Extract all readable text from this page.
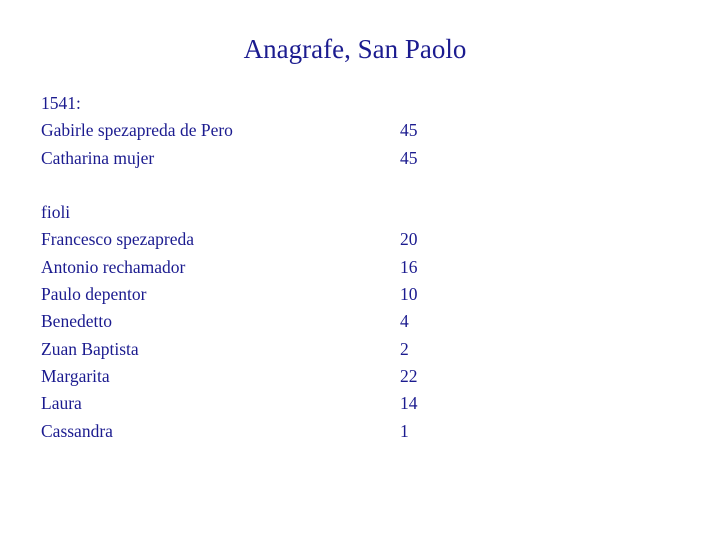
Anagrafe, San Paolo
1541:
Gabirle spezapreda de Pero	45
Catharina mujer	45
fioli
Francesco spezapreda	20
Antonio rechamador	16
Paulo depentor	10
Benedetto	4
Zuan Baptista	2
Margarita	22
Laura	14
Cassandra	1
